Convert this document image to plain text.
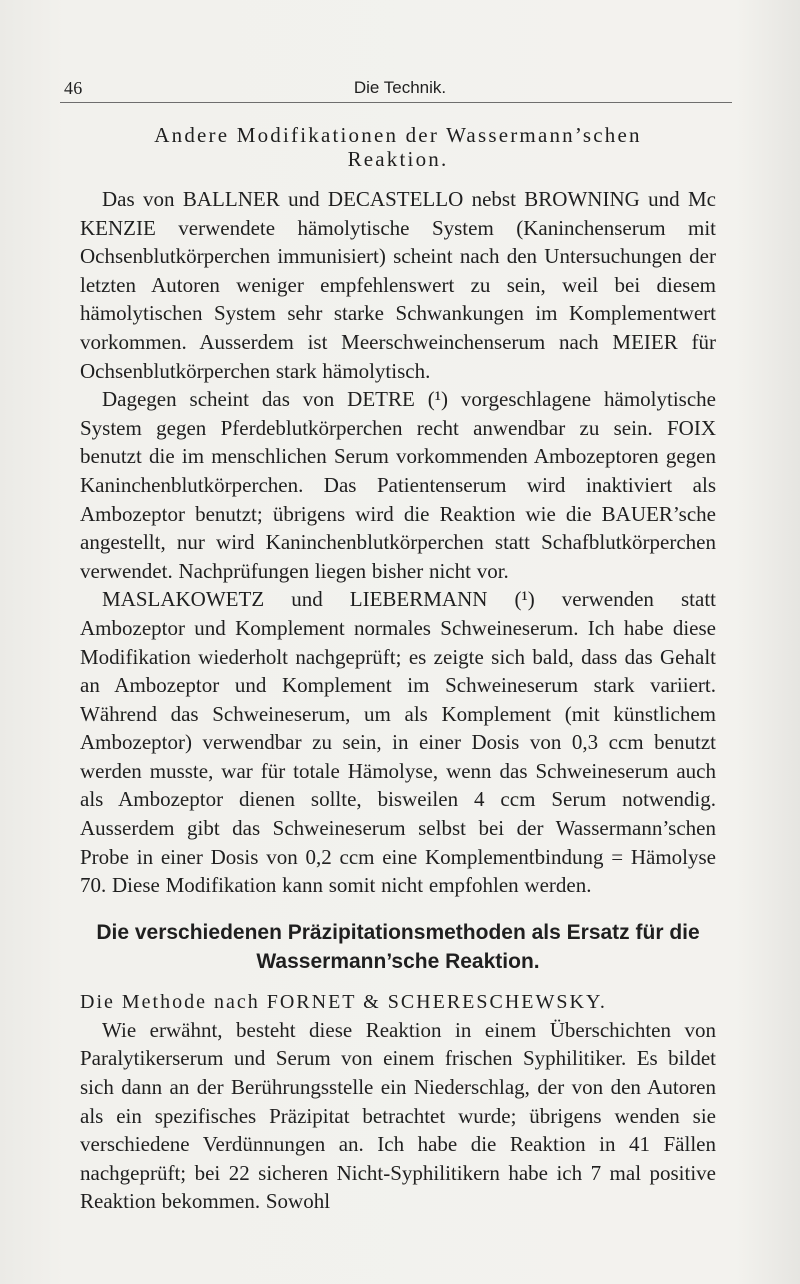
46	Die Technik.
Andere Modifikationen der Wassermann’schen
Reaktion.

Das von BALLNER und DECASTELLO nebst BROWNING und Mc KENZIE verwendete hämolytische System (Kaninchenserum mit Ochsenblutkörperchen immunisiert) scheint nach den Untersuchungen der letzten Autoren weniger empfehlenswert zu sein, weil bei diesem hämolytischen System sehr starke Schwankungen im Komplementwert vorkommen. Ausserdem ist Meerschweinchenserum nach MEIER für Ochsenblutkörperchen stark hämolytisch.

Dagegen scheint das von DETRE (¹) vorgeschlagene hämolytische System gegen Pferdeblutkörperchen recht anwendbar zu sein. FOIX benutzt die im menschlichen Serum vorkommenden Ambozeptoren gegen Kaninchenblutkörperchen. Das Patientenserum wird inaktiviert als Ambozeptor benutzt; übrigens wird die Reaktion wie die BAUER’sche angestellt, nur wird Kaninchenblutkörperchen statt Schafblutkörperchen verwendet. Nachprüfungen liegen bisher nicht vor.

MASLAKOWETZ und LIEBERMANN (¹) verwenden statt Ambozeptor und Komplement normales Schweineserum. Ich habe diese Modifikation wiederholt nachgeprüft; es zeigte sich bald, dass das Gehalt an Ambozeptor und Komplement im Schweineserum stark variiert. Während das Schweineserum, um als Komplement (mit künstlichem Ambozeptor) verwendbar zu sein, in einer Dosis von 0,3 ccm benutzt werden musste, war für totale Hämolyse, wenn das Schweineserum auch als Ambozeptor dienen sollte, bisweilen 4 ccm Serum notwendig. Ausserdem gibt das Schweineserum selbst bei der Wassermann’schen Probe in einer Dosis von 0,2 ccm eine Komplementbindung = Hämolyse 70. Diese Modifikation kann somit nicht empfohlen werden.

Die verschiedenen Präzipitationsmethoden als Ersatz für die
Wassermann’sche Reaktion.
Die Methode nach FORNET & SCHERESCHEWSKY.

Wie erwähnt, besteht diese Reaktion in einem Überschichten von Paralytikerserum und Serum von einem frischen Syphilitiker. Es bildet sich dann an der Berührungsstelle ein Niederschlag, der von den Autoren als ein spezifisches Präzipitat betrachtet wurde; übrigens wenden sie verschiedene Verdünnungen an. Ich habe die Reaktion in 41 Fällen nachgeprüft; bei 22 sicheren Nicht-Syphilitikern habe ich 7 mal positive Reaktion bekommen. Sowohl
